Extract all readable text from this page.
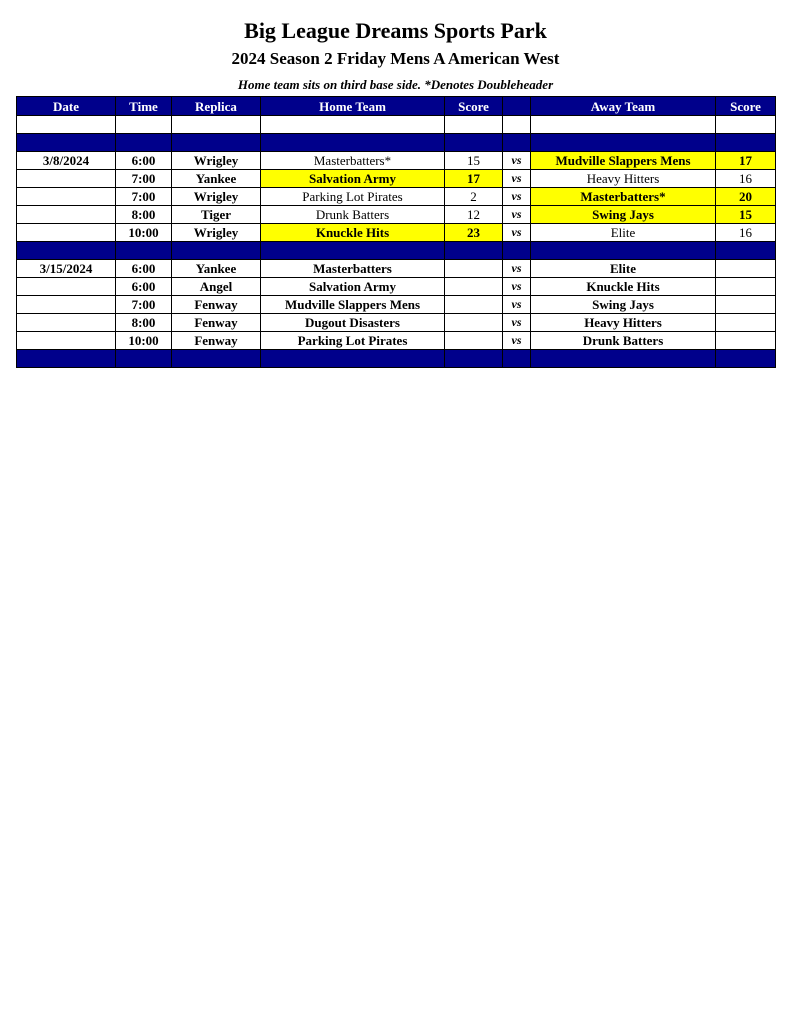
Big League Dreams Sports Park
2024 Season 2 Friday Mens A American West
Home team sits on third base side. *Denotes Doubleheader
Date	Time	Replica	Home Team	Score		Away Team	Score

3/8/2024	6:00	Wrigley	Masterbatters*	15	vs	Mudville Slappers Mens	17
	7:00	Yankee	Salvation Army	17	vs	Heavy Hitters	16
	7:00	Wrigley	Parking Lot Pirates	2	vs	Masterbatters*	20
	8:00	Tiger	Drunk Batters	12	vs	Swing Jays	15
	10:00	Wrigley	Knuckle Hits	23	vs	Elite	16

3/15/2024	6:00	Yankee	Masterbatters		vs	Elite	
	6:00	Angel	Salvation Army		vs	Knuckle Hits	
	7:00	Fenway	Mudville Slappers Mens		vs	Swing Jays	
	8:00	Fenway	Dugout Disasters		vs	Heavy Hitters	
	10:00	Fenway	Parking Lot Pirates		vs	Drunk Batters	
